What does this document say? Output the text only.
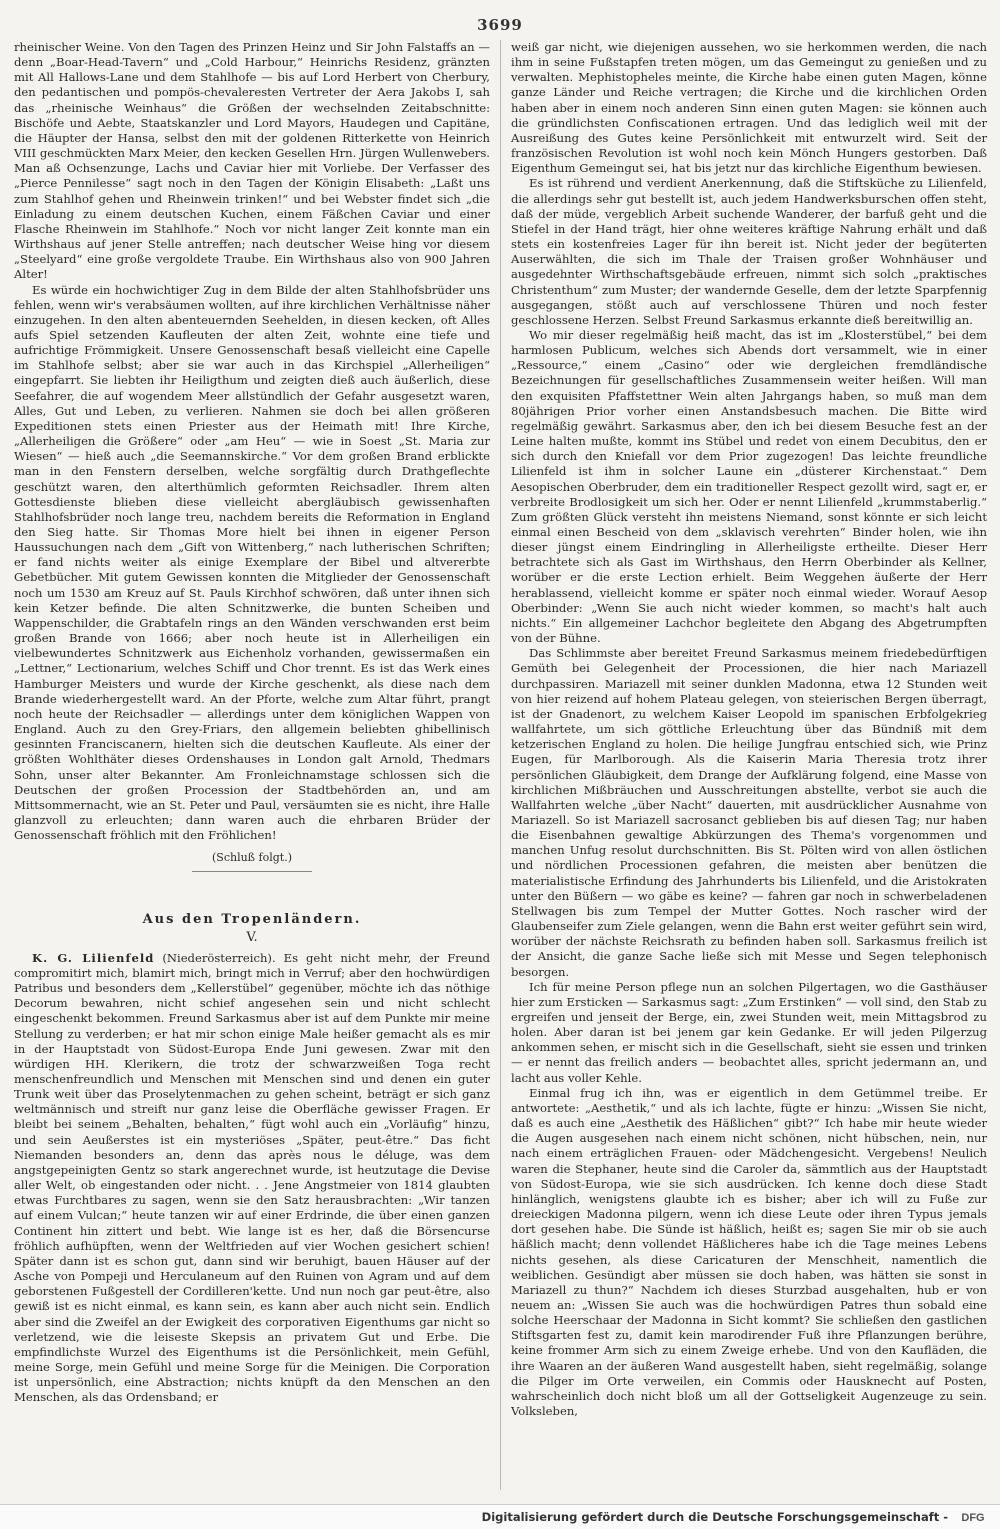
3699

rheinischer Weine. Von den Tagen des Prinzen Heinz und Sir John Falstaffs an — denn „Boar-Head-Tavern“ und „Cold Harbour,“ Heinrichs Residenz, gränzten mit All Hallows-Lane und dem Stahlhofe — bis auf Lord Herbert von Cherbury, den pedantischen und pompös-chevaleresten Vertreter der Aera Jakobs I, sah das „rheinische Weinhaus“ die Größen der wechselnden Zeitabschnitte: Bischöfe und Aebte, Staatskanzler und Lord Mayors, Haudegen und Capitäne, die Häupter der Hansa, selbst den mit der goldenen Ritterkette von Heinrich VIII geschmückten Marx Meier, den kecken Gesellen Hrn. Jürgen Wullenwebers. Man aß Ochsenzunge, Lachs und Caviar hier mit Vorliebe. Der Verfasser des „Pierce Pennilesse“ sagt noch in den Tagen der Königin Elisabeth: „Laßt uns zum Stahlhof gehen und Rheinwein trinken!“ und bei Webster findet sich „die Einladung zu einem deutschen Kuchen, einem Fäßchen Caviar und einer Flasche Rheinwein im Stahlhofe.“ Noch vor nicht langer Zeit konnte man ein Wirthshaus auf jener Stelle antreffen; nach deutscher Weise hing vor diesem „Steelyard“ eine große vergoldete Traube. Ein Wirthshaus also von 900 Jahren Alter!

Es würde ein hochwichtiger Zug in dem Bilde der alten Stahlhofsbrüder uns fehlen, wenn wir's verabsäumen wollten, auf ihre kirchlichen Verhältnisse näher einzugehen. In den alten abenteuernden Seehelden, in diesen kecken, oft Alles aufs Spiel setzenden Kaufleuten der alten Zeit, wohnte eine tiefe und aufrichtige Frömmigkeit. Unsere Genossenschaft besaß vielleicht eine Capelle im Stahlhofe selbst; aber sie war auch in das Kirchspiel „Allerheiligen“ eingepfarrt. Sie liebten ihr Heiligthum und zeigten dieß auch äußerlich, diese Seefahrer, die auf wogendem Meer allstündlich der Gefahr ausgesetzt waren, Alles, Gut und Leben, zu verlieren. Nahmen sie doch bei allen größeren Expeditionen stets einen Priester aus der Heimath mit! Ihre Kirche, „Allerheiligen die Größere“ oder „am Heu“ — wie in Soest „St. Maria zur Wiesen“ — hieß auch „die Seemannskirche.“ Vor dem großen Brand erblickte man in den Fenstern derselben, welche sorgfältig durch Drathgeflechte geschützt waren, den alterthümlich geformten Reichsadler. Ihrem alten Gottesdienste blieben diese vielleicht abergläubisch gewissenhaften Stahlhofsbrüder noch lange treu, nachdem bereits die Reformation in England den Sieg hatte. Sir Thomas More hielt bei ihnen in eigener Person Haussuchungen nach dem „Gift von Wittenberg,“ nach lutherischen Schriften; er fand nichts weiter als einige Exemplare der Bibel und altvererbte Gebetbücher. Mit gutem Gewissen konnten die Mitglieder der Genossenschaft noch um 1530 am Kreuz auf St. Pauls Kirchhof schwören, daß unter ihnen sich kein Ketzer befinde. Die alten Schnitzwerke, die bunten Scheiben und Wappenschilder, die Grabtafeln rings an den Wänden verschwanden erst beim großen Brande von 1666; aber noch heute ist in Allerheiligen ein vielbewundertes Schnitzwerk aus Eichenholz vorhanden, gewissermaßen ein „Lettner,“ Lectionarium, welches Schiff und Chor trennt. Es ist das Werk eines Hamburger Meisters und wurde der Kirche geschenkt, als diese nach dem Brande wiederhergestellt ward. An der Pforte, welche zum Altar führt, prangt noch heute der Reichsadler — allerdings unter dem königlichen Wappen von England. Auch zu den Grey-Friars, den allgemein beliebten ghibellinisch gesinnten Franciscanern, hielten sich die deutschen Kaufleute. Als einer der größten Wohlthäter dieses Ordenshauses in London galt Arnold, Thedmars Sohn, unser alter Bekannter. Am Fronleichnamstage schlossen sich die Deutschen der großen Procession der Stadtbehörden an, und am Mittsommernacht, wie an St. Peter und Paul, versäumten sie es nicht, ihre Halle glanzvoll zu erleuchten; dann waren auch die ehrbaren Brüder der Genossenschaft fröhlich mit den Fröhlichen!

(Schluß folgt.)
Aus den Tropenländern.
V.

K. G. Lilienfeld (Niederösterreich). Es geht nicht mehr, der Freund compromitirt mich, blamirt mich, bringt mich in Verruf; aber den hochwürdigen Patribus und besonders dem „Kellerstübel“ gegenüber, möchte ich das nöthige Decorum bewahren, nicht schief angesehen sein und nicht schlecht eingeschenkt bekommen. Freund Sarkasmus aber ist auf dem Punkte mir meine Stellung zu verderben; er hat mir schon einige Male heißer gemacht als es mir in der Hauptstadt von Südost-Europa Ende Juni gewesen. Zwar mit den würdigen HH. Klerikern, die trotz der schwarzweißen Toga recht menschenfreundlich und Menschen mit Menschen sind und denen ein guter Trunk weit über das Proselytenmachen zu gehen scheint, beträgt er sich ganz weltmännisch und streift nur ganz leise die Oberfläche gewisser Fragen. Er bleibt bei seinem „Behalten, behalten,“ fügt wohl auch ein „Vorläufig“ hinzu, und sein Aeußerstes ist ein mysteriöses „Später, peut-être.“ Das ficht Niemanden besonders an, denn das après nous le déluge, was dem angstgepeinigten Gentz so stark angerechnet wurde, ist heutzutage die Devise aller Welt, ob eingestanden oder nicht. . . Jene Angstmeier von 1814 glaubten etwas Furchtbares zu sagen, wenn sie den Satz herausbrachten: „Wir tanzen auf einem Vulcan;“ heute tanzen wir auf einer Erdrinde, die über einen ganzen Continent hin zittert und bebt. Wie lange ist es her, daß die Börsencurse fröhlich aufhüpften, wenn der Weltfrieden auf vier Wochen gesichert schien! Später dann ist es schon gut, dann sind wir beruhigt, bauen Häuser auf der Asche von Pompeji und Herculaneum auf den Ruinen von Agram und auf dem geborstenen Fußgestell der Cordilleren'kette. Und nun noch gar peut-être, also gewiß ist es nicht einmal, es kann sein, es kann aber auch nicht sein. Endlich aber sind die Zweifel an der Ewigkeit des corporativen Eigenthums gar nicht so verletzend, wie die leiseste Skepsis an privatem Gut und Erbe. Die empfindlichste Wurzel des Eigenthums ist die Persönlichkeit, mein Gefühl, meine Sorge, mein Gefühl und meine Sorge für die Meinigen. Die Corporation ist unpersönlich, eine Abstraction; nichts knüpft da den Menschen an den Menschen, als das Ordensband; er

weiß gar nicht, wie diejenigen aussehen, wo sie herkommen werden, die nach ihm in seine Fußstapfen treten mögen, um das Gemeingut zu genießen und zu verwalten. Mephistopheles meinte, die Kirche habe einen guten Magen, könne ganze Länder und Reiche vertragen; die Kirche und die kirchlichen Orden haben aber in einem noch anderen Sinn einen guten Magen: sie können auch die gründlichsten Confiscationen ertragen. Und das lediglich weil mit der Ausreißung des Gutes keine Persönlichkeit mit entwurzelt wird. Seit der französischen Revolution ist wohl noch kein Mönch Hungers gestorben. Daß Eigenthum Gemeingut sei, hat bis jetzt nur das kirchliche Eigenthum bewiesen.

Es ist rührend und verdient Anerkennung, daß die Stiftsküche zu Lilienfeld, die allerdings sehr gut bestellt ist, auch jedem Handwerksburschen offen steht, daß der müde, vergeblich Arbeit suchende Wanderer, der barfuß geht und die Stiefel in der Hand trägt, hier ohne weiteres kräftige Nahrung erhält und daß stets ein kostenfreies Lager für ihn bereit ist. Nicht jeder der begüterten Auserwählten, die sich im Thale der Traisen großer Wohnhäuser und ausgedehnter Wirthschaftsgebäude erfreuen, nimmt sich solch „praktisches Christenthum“ zum Muster; der wandernde Geselle, dem der letzte Sparpfennig ausgegangen, stößt auch auf verschlossene Thüren und noch fester geschlossene Herzen. Selbst Freund Sarkasmus erkannte dieß bereitwillig an.

Wo mir dieser regelmäßig heiß macht, das ist im „Klosterstübel,“ bei dem harmlosen Publicum, welches sich Abends dort versammelt, wie in einer „Ressource,“ einem „Casino“ oder wie dergleichen fremdländische Bezeichnungen für gesellschaftliches Zusammensein weiter heißen. Will man den exquisiten Pfaffstettner Wein alten Jahrgangs haben, so muß man dem 80jährigen Prior vorher einen Anstandsbesuch machen. Die Bitte wird regelmäßig gewährt. Sarkasmus aber, den ich bei diesem Besuche fest an der Leine halten mußte, kommt ins Stübel und redet von einem Decubitus, den er sich durch den Kniefall vor dem Prior zugezogen! Das leichte freundliche Lilienfeld ist ihm in solcher Laune ein „düsterer Kirchenstaat.“ Dem Aesopischen Oberbruder, dem ein traditioneller Respect gezollt wird, sagt er, er verbreite Brodlosigkeit um sich her. Oder er nennt Lilienfeld „krummstaberlig.“ Zum größten Glück versteht ihn meistens Niemand, sonst könnte er sich leicht einmal einen Bescheid von dem „sklavisch verehrten“ Binder holen, wie ihn dieser jüngst einem Eindringling in Allerheiligste ertheilte. Dieser Herr betrachtete sich als Gast im Wirthshaus, den Herrn Oberbinder als Kellner, worüber er die erste Lection erhielt. Beim Weggehen äußerte der Herr herablassend, vielleicht komme er später noch einmal wieder. Worauf Aesop Oberbinder: „Wenn Sie auch nicht wieder kommen, so macht's halt auch nichts.“ Ein allgemeiner Lachchor begleitete den Abgang des Abgetrumpften von der Bühne.

Das Schlimmste aber bereitet Freund Sarkasmus meinem friedebedürftigen Gemüth bei Gelegenheit der Processionen, die hier nach Mariazell durchpassiren. Mariazell mit seiner dunklen Madonna, etwa 12 Stunden weit von hier reizend auf hohem Plateau gelegen, von steierischen Bergen überragt, ist der Gnadenort, zu welchem Kaiser Leopold im spanischen Erbfolgekrieg wallfahrtete, um sich göttliche Erleuchtung über das Bündniß mit dem ketzerischen England zu holen. Die heilige Jungfrau entschied sich, wie Prinz Eugen, für Marlborough. Als die Kaiserin Maria Theresia trotz ihrer persönlichen Gläubigkeit, dem Drange der Aufklärung folgend, eine Masse von kirchlichen Mißbräuchen und Ausschreitungen abstellte, verbot sie auch die Wallfahrten welche „über Nacht“ dauerten, mit ausdrücklicher Ausnahme von Mariazell. So ist Mariazell sacrosanct geblieben bis auf diesen Tag; nur haben die Eisenbahnen gewaltige Abkürzungen des Thema's vorgenommen und manchen Unfug resolut durchschnitten. Bis St. Pölten wird von allen östlichen und nördlichen Processionen gefahren, die meisten aber benützen die materialistische Erfindung des Jahrhunderts bis Lilienfeld, und die Aristokraten unter den Büßern — wo gäbe es keine? — fahren gar noch in schwerbeladenen Stellwagen bis zum Tempel der Mutter Gottes. Noch rascher wird der Glaubenseifer zum Ziele gelangen, wenn die Bahn erst weiter geführt sein wird, worüber der nächste Reichsrath zu befinden haben soll. Sarkasmus freilich ist der Ansicht, die ganze Sache ließe sich mit Messe und Segen telephonisch besorgen.

Ich für meine Person pflege nun an solchen Pilgertagen, wo die Gasthäuser hier zum Ersticken — Sarkasmus sagt: „Zum Erstinken“ — voll sind, den Stab zu ergreifen und jenseit der Berge, ein, zwei Stunden weit, mein Mittagsbrod zu holen. Aber daran ist bei jenem gar kein Gedanke. Er will jeden Pilgerzug ankommen sehen, er mischt sich in die Gesellschaft, sieht sie essen und trinken — er nennt das freilich anders — beobachtet alles, spricht jedermann an, und lacht aus voller Kehle.

Einmal frug ich ihn, was er eigentlich in dem Getümmel treibe. Er antwortete: „Aesthetik,“ und als ich lachte, fügte er hinzu: „Wissen Sie nicht, daß es auch eine „Aesthetik des Häßlichen“ gibt?“ Ich habe mir heute wieder die Augen ausgesehen nach einem nicht schönen, nicht hübschen, nein, nur nach einem erträglichen Frauen- oder Mädchengesicht. Vergebens! Neulich waren die Stephaner, heute sind die Caroler da, sämmtlich aus der Hauptstadt von Südost-Europa, wie sie sich ausdrücken. Ich kenne doch diese Stadt hinlänglich, wenigstens glaubte ich es bisher; aber ich will zu Fuße zur dreieckigen Madonna pilgern, wenn ich diese Leute oder ihren Typus jemals dort gesehen habe. Die Sünde ist häßlich, heißt es; sagen Sie mir ob sie auch häßlich macht; denn vollendet Häßlicheres habe ich die Tage meines Lebens nichts gesehen, als diese Caricaturen der Menschheit, namentlich die weiblichen. Gesündigt aber müssen sie doch haben, was hätten sie sonst in Mariazell zu thun?“ Nachdem ich dieses Sturzbad ausgehalten, hub er von neuem an: „Wissen Sie auch was die hochwürdigen Patres thun sobald eine solche Heerschaar der Madonna in Sicht kommt? Sie schließen den gastlichen Stiftsgarten fest zu, damit kein marodirender Fuß ihre Pflanzungen berühre, keine frommer Arm sich zu einem Zweige erhebe. Und von den Kaufläden, die ihre Waaren an der äußeren Wand ausgestellt haben, sieht regelmäßig, solange die Pilger im Orte verweilen, ein Commis oder Hausknecht auf Posten, wahrscheinlich doch nicht bloß um all der Gottseligkeit Augenzeuge zu sein. Volksleben,

Digitalisierung gefördert durch die Deutsche Forschungsgemeinschaft - DFG
